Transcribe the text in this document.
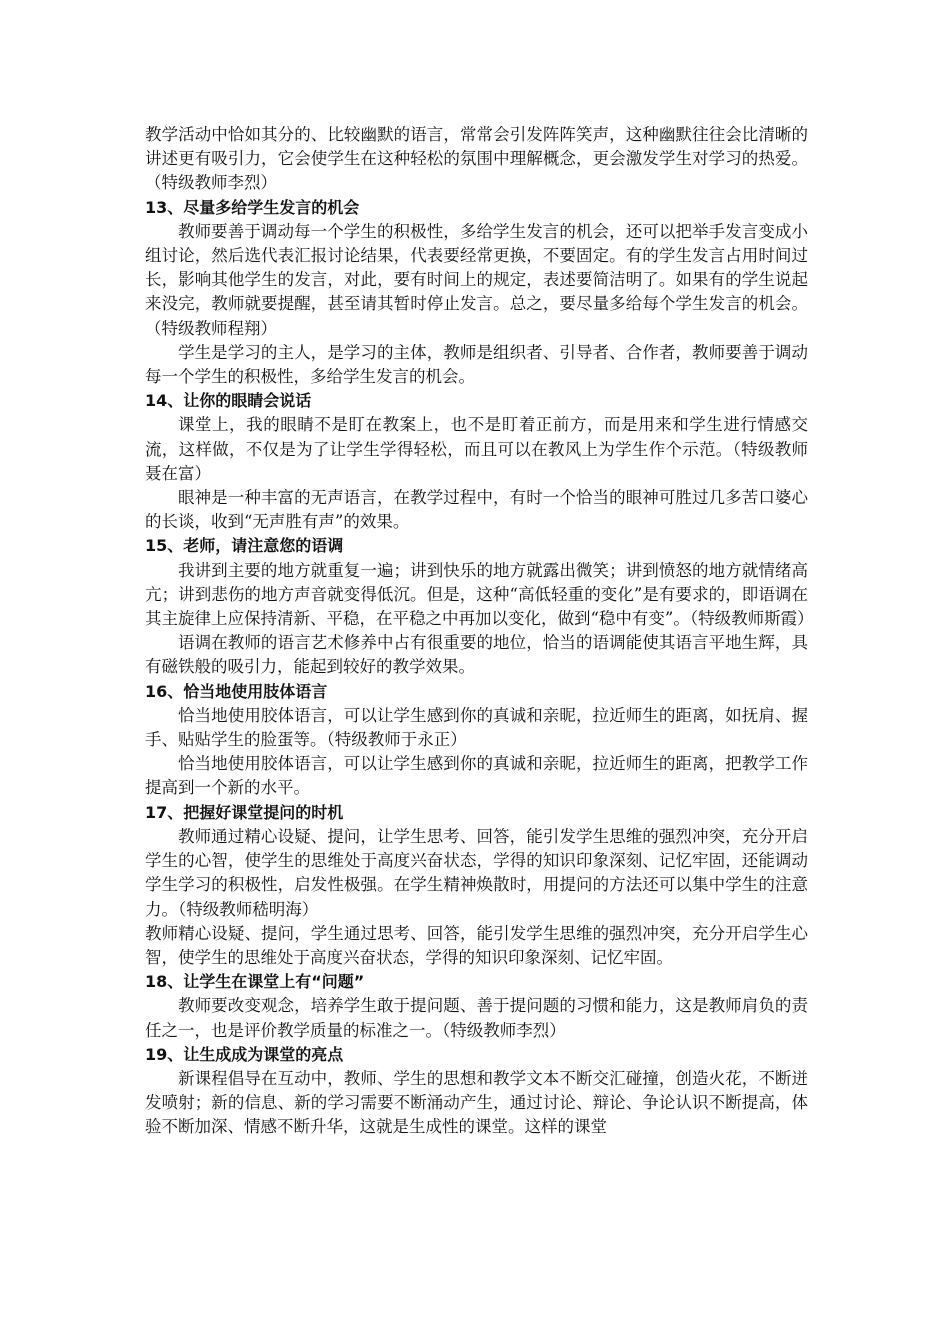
教学活动中恰如其分的、比较幽默的语言，常常会引发阵阵笑声，这种幽默往往会比清晰的讲述更有吸引力，它会使学生在这种轻松的氛围中理解概念，更会激发学生对学习的热爱。（特级教师李烈）

13、尽量多给学生发言的机会

教师要善于调动每一个学生的积极性，多给学生发言的机会，还可以把举手发言变成小组讨论，然后选代表汇报讨论结果，代表要经常更换，不要固定。有的学生发言占用时间过长，影响其他学生的发言，对此，要有时间上的规定，表述要简洁明了。如果有的学生说起来没完，教师就要提醒，甚至请其暂时停止发言。总之，要尽量多给每个学生发言的机会。（特级教师程翔）

学生是学习的主人，是学习的主体，教师是组织者、引导者、合作者，教师要善于调动每一个学生的积极性，多给学生发言的机会。

14、让你的眼睛会说话

课堂上，我的眼睛不是盯在教案上，也不是盯着正前方，而是用来和学生进行情感交流，这样做，不仅是为了让学生学得轻松，而且可以在教风上为学生作个示范。（特级教师聂在富）

眼神是一种丰富的无声语言，在教学过程中，有时一个恰当的眼神可胜过几多苦口婆心的长谈，收到“无声胜有声”的效果。

15、老师，请注意您的语调

我讲到主要的地方就重复一遍；讲到快乐的地方就露出微笑；讲到愤怒的地方就情绪高亢；讲到悲伤的地方声音就变得低沉。但是，这种“高低轻重的变化”是有要求的，即语调在其主旋律上应保持清新、平稳，在平稳之中再加以变化，做到“稳中有变”。（特级教师斯霞）

语调在教师的语言艺术修养中占有很重要的地位，恰当的语调能使其语言平地生辉，具有磁铁般的吸引力，能起到较好的教学效果。

16、恰当地使用肢体语言

恰当地使用胶体语言，可以让学生感到你的真诚和亲昵，拉近师生的距离，如抚肩、握手、贴贴学生的脸蛋等。（特级教师于永正）

恰当地使用胶体语言，可以让学生感到你的真诚和亲昵，拉近师生的距离，把教学工作提高到一个新的水平。

17、把握好课堂提问的时机

教师通过精心设疑、提问，让学生思考、回答，能引发学生思维的强烈冲突，充分开启学生的心智，使学生的思维处于高度兴奋状态，学得的知识印象深刻、记忆牢固，还能调动学生学习的积极性，启发性极强。在学生精神焕散时，用提问的方法还可以集中学生的注意力。（特级教师嵇明海）

教师精心设疑、提问，学生通过思考、回答，能引发学生思维的强烈冲突，充分开启学生心智，使学生的思维处于高度兴奋状态，学得的知识印象深刻、记忆牢固。

18、让学生在课堂上有“问题”

教师要改变观念，培养学生敢于提问题、善于提问题的习惯和能力，这是教师肩负的责任之一，也是评价教学质量的标准之一。（特级教师李烈）

19、让生成成为课堂的亮点

新课程倡导在互动中，教师、学生的思想和教学文本不断交汇碰撞，创造火花，不断迸发喷射；新的信息、新的学习需要不断涌动产生，通过讨论、辩论、争论认识不断提高，体验不断加深、情感不断升华，这就是生成性的课堂。这样的课堂
